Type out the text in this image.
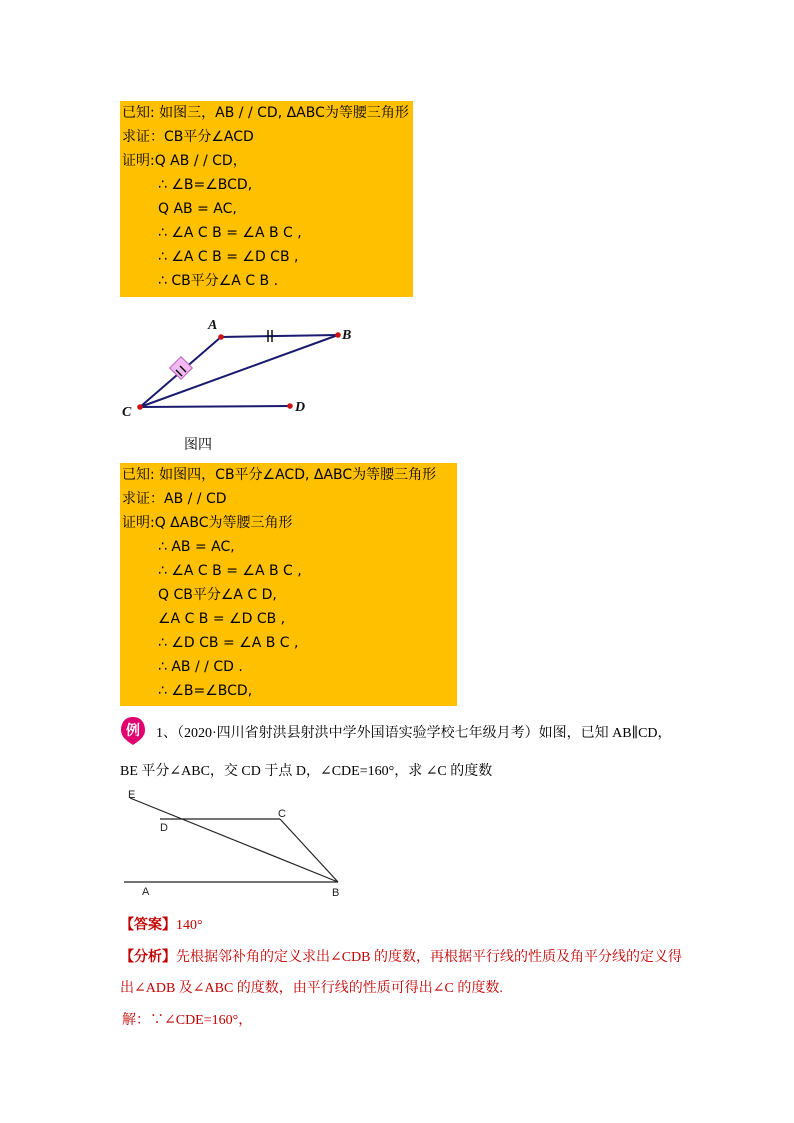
已知: 如图三，AB / / CD, ΔABC为等腰三角形
求证：CB平分∠ACD
证明:Q AB / / CD，
∴ ∠B=∠BCD,
Q AB = AC,
∴ ∠A C B = ∠A B C ,
∴ ∠A C B = ∠D CB ,
∴ CB平分∠A C B .
A
B
C	D
图四
已知: 如图四，CB平分∠ACD, ΔABC为等腰三角形
求证：AB / / CD
证明:Q ΔABC为等腰三角形
∴ AB = AC,
∴ ∠A C B = ∠A B C ,
Q CB平分∠A C D,
∠A C B = ∠D CB ,
∴ ∠D CB = ∠A B C ,
∴ AB / / CD .
∴ ∠B=∠BCD,
例 1、（2020·四川省射洪县射洪中学外国语实验学校七年级月考）如图，已知 AB∥CD，
BE 平分∠ABC，交 CD 于点 D，∠CDE=160°，求 ∠C 的度数
E
D
C
A	B
【答案】140°
【分析】先根据邻补角的定义求出∠CDB 的度数，再根据平行线的性质及角平分线的定义得
出∠ADB 及∠ABC 的度数，由平行线的性质可得出∠C 的度数.
解：∵∠CDE=160°，
